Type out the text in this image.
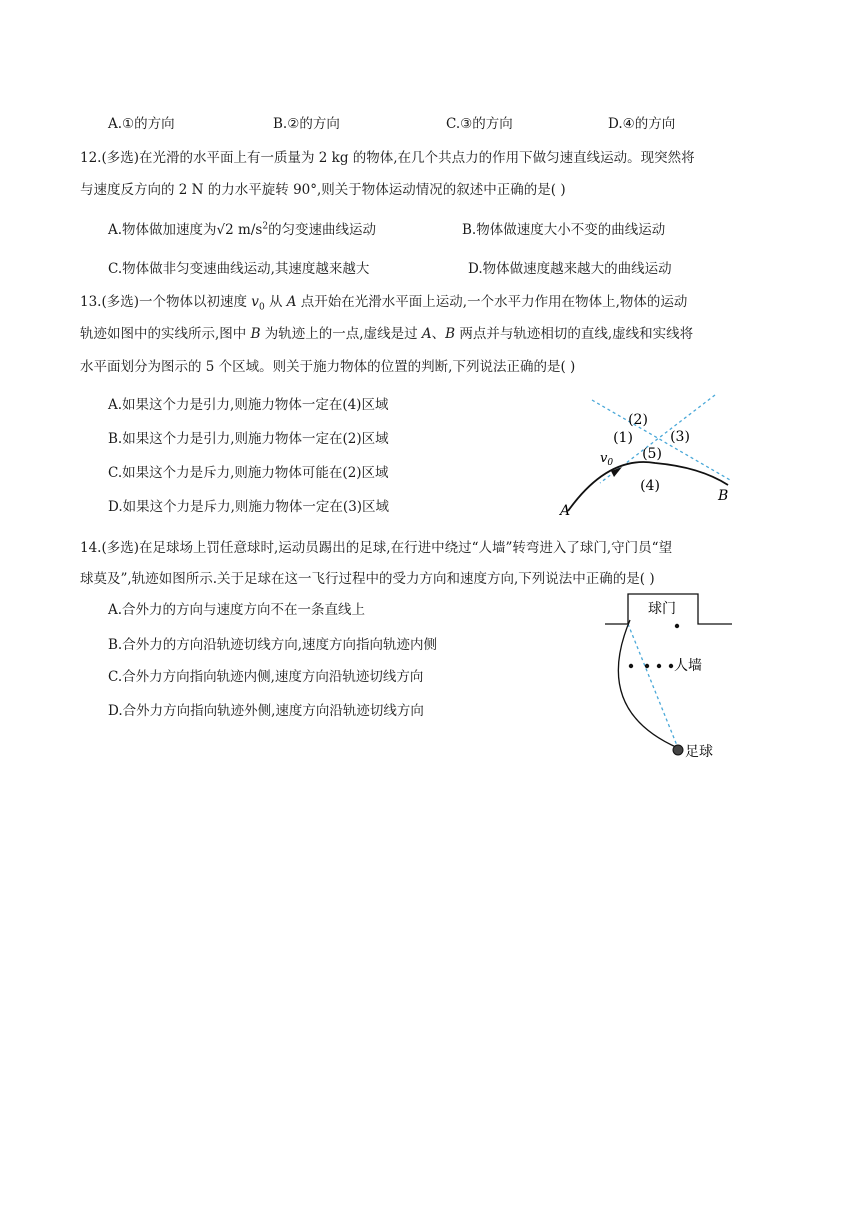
A.①的方向	B.②的方向	C.③的方向	D.④的方向
12.(多选)在光滑的水平面上有一质量为 2 kg 的物体,在几个共点力的作用下做匀速直线运动。现突然将
与速度反方向的 2 N 的力水平旋转 90°,则关于物体运动情况的叙述中正确的是( )
A.物体做加速度为√2 $m/s^2$的匀变速曲线运动	B.物体做速度大小不变的曲线运动
C.物体做非匀变速曲线运动,其速度越来越大	D.物体做速度越来越大的曲线运动
13.(多选)一个物体以初速度 $v_0$ 从 A 点开始在光滑水平面上运动,一个水平力作用在物体上,物体的运动
轨迹如图中的实线所示,图中 B 为轨迹上的一点,虚线是过 A、B 两点并与轨迹相切的直线,虚线和实线将
水平面划分为图示的 5 个区域。则关于施力物体的位置的判断,下列说法正确的是( )
A.如果这个力是引力,则施力物体一定在(4)区域
B.如果这个力是引力,则施力物体一定在(2)区域
C.如果这个力是斥力,则施力物体可能在(2)区域
D.如果这个力是斥力,则施力物体一定在(3)区域
(2)
(1)	(3)
(5)
(4)
$v_0$
A
B
14.(多选)在足球场上罚任意球时,运动员踢出的足球,在行进中绕过“人墙”转弯进入了球门,守门员“望
球莫及”,轨迹如图所示.关于足球在这一飞行过程中的受力方向和速度方向,下列说法中正确的是( )
A.合外力的方向与速度方向不在一条直线上
B.合外力的方向沿轨迹切线方向,速度方向指向轨迹内侧
C.合外力方向指向轨迹内侧,速度方向沿轨迹切线方向
D.合外力方向指向轨迹外侧,速度方向沿轨迹切线方向
球门
人墙
足球
